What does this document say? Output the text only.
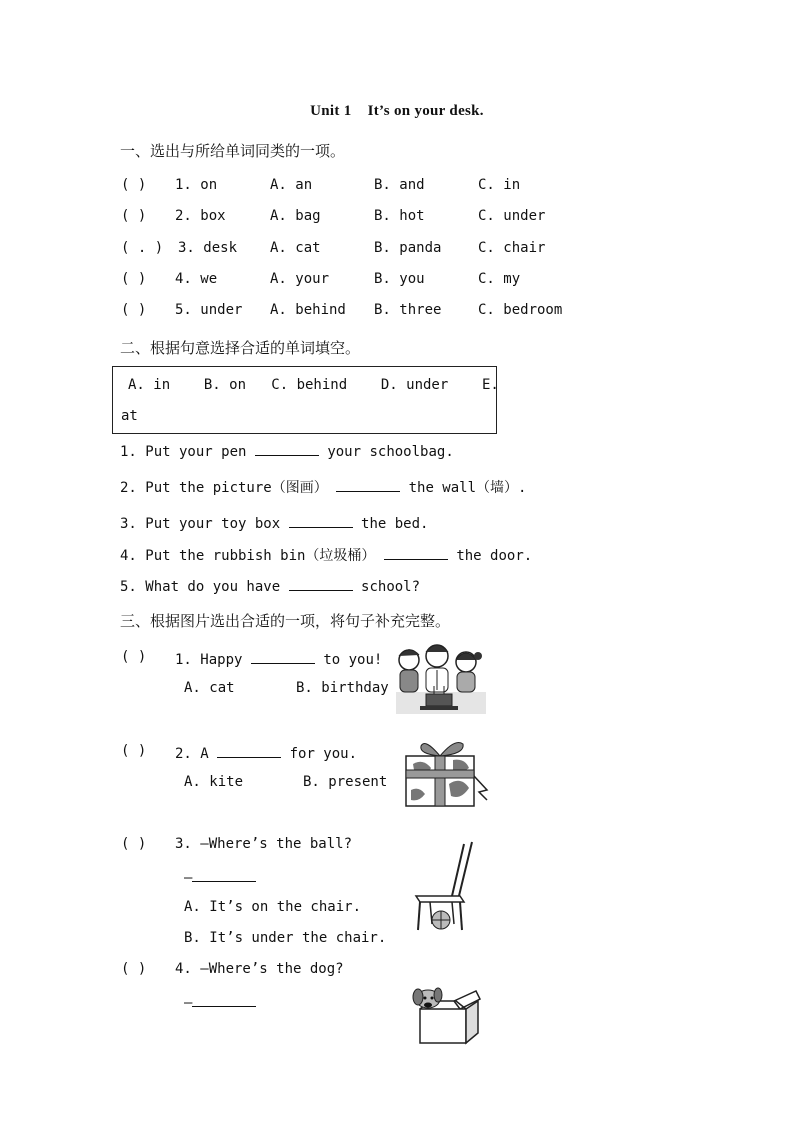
Unit 1 It’s on your desk.
一、选出与所给单词同类的一项。
( ) 1. on	A. an	B. and	C. in
( ) 2. box	A. bag	B. hot	C. under
( . ) 3. desk A. cat	B. panda	C. chair
( ) 4. we	A. your	B. you	C. my
( ) 5. under A. behind B. three	C. bedroom
二、根据句意选择合适的单词填空。
A. in    B. on   C. behind    D. under    E.
at
1. Put your pen	your schoolbag.
2. Put the picture（图画）	the wall（墙）.
3. Put your toy box	the bed.
4. Put the rubbish bin（垃圾桶）	the door.
5. What do you have	school?
三、根据图片选出合适的一项，将句子补充完整。
( ) 1. Happy	to you!
A. cat	B. birthday
( ) 2. A	for you.
A. kite	B. present
( ) 3. —Where’s the ball?
—
A. It’s on the chair.
B. It’s under the chair.
( ) 4. —Where’s the dog?
—
